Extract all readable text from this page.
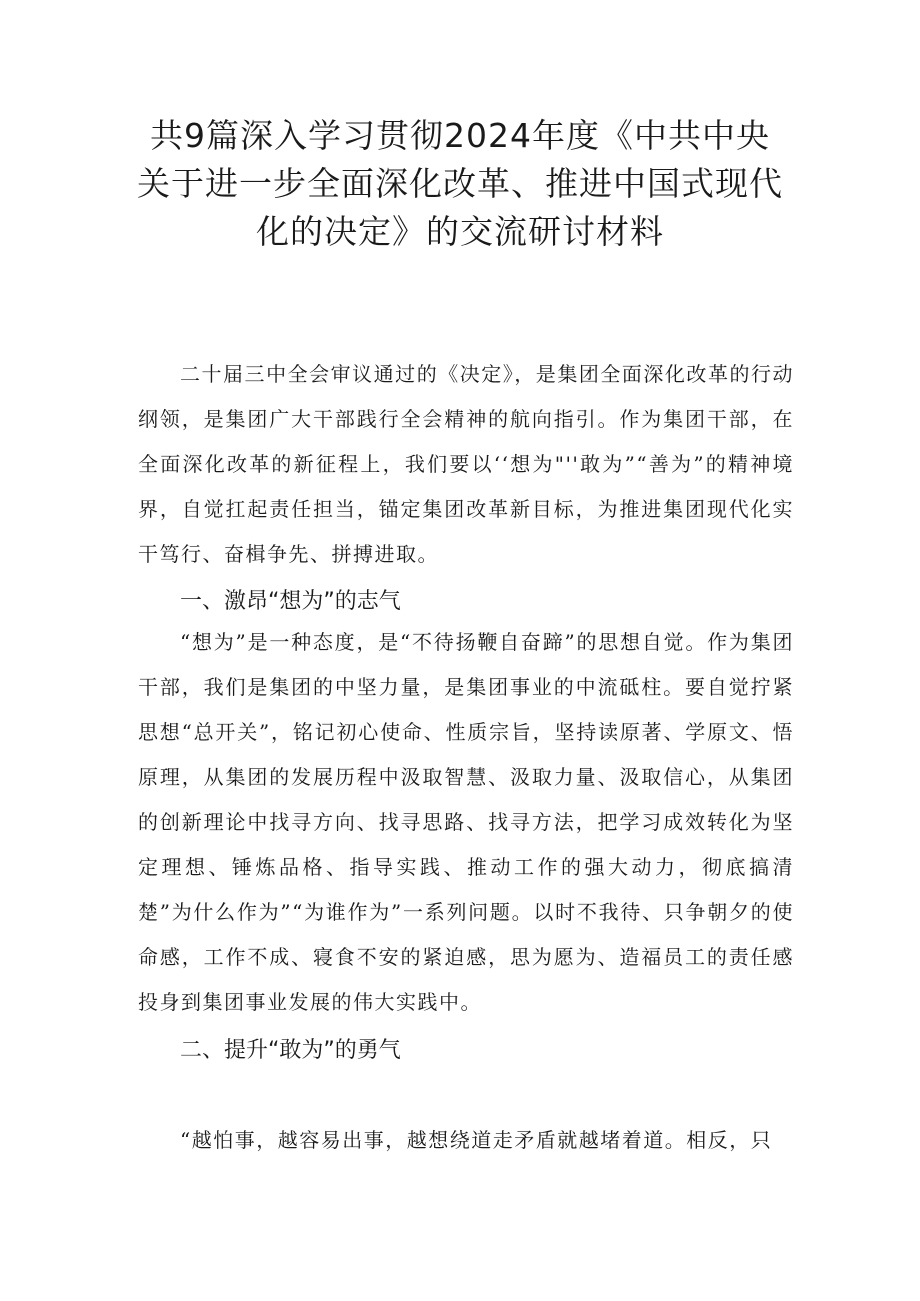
共9篇深入学习贯彻2024年度《中共中央
关于进一步全面深化改革、推进中国式现代
化的决定》的交流研讨材料

二十届三中全会审议通过的《决定》，是集团全面深化改革的行动纲领，是集团广大干部践行全会精神的航向指引。作为集团干部，在全面深化改革的新征程上，我们要以‘‘想为"''敢为”“善为”的精神境界，自觉扛起责任担当，锚定集团改革新目标，为推进集团现代化实干笃行、奋楫争先、拼搏进取。

一、激昂“想为”的志气

“想为”是一种态度，是“不待扬鞭自奋蹄”的思想自觉。作为集团干部，我们是集团的中坚力量，是集团事业的中流砥柱。要自觉拧紧思想“总开关”，铭记初心使命、性质宗旨，坚持读原著、学原文、悟原理，从集团的发展历程中汲取智慧、汲取力量、汲取信心，从集团的创新理论中找寻方向、找寻思路、找寻方法，把学习成效转化为坚定理想、锤炼品格、指导实践、推动工作的强大动力，彻底搞清楚”为什么作为”“为谁作为”一系列问题。以时不我待、只争朝夕的使命感，工作不成、寝食不安的紧迫感，思为愿为、造福员工的责任感投身到集团事业发展的伟大实践中。

二、提升“敢为”的勇气

“越怕事，越容易出事，越想绕道走矛盾就越堵着道。相反，只
